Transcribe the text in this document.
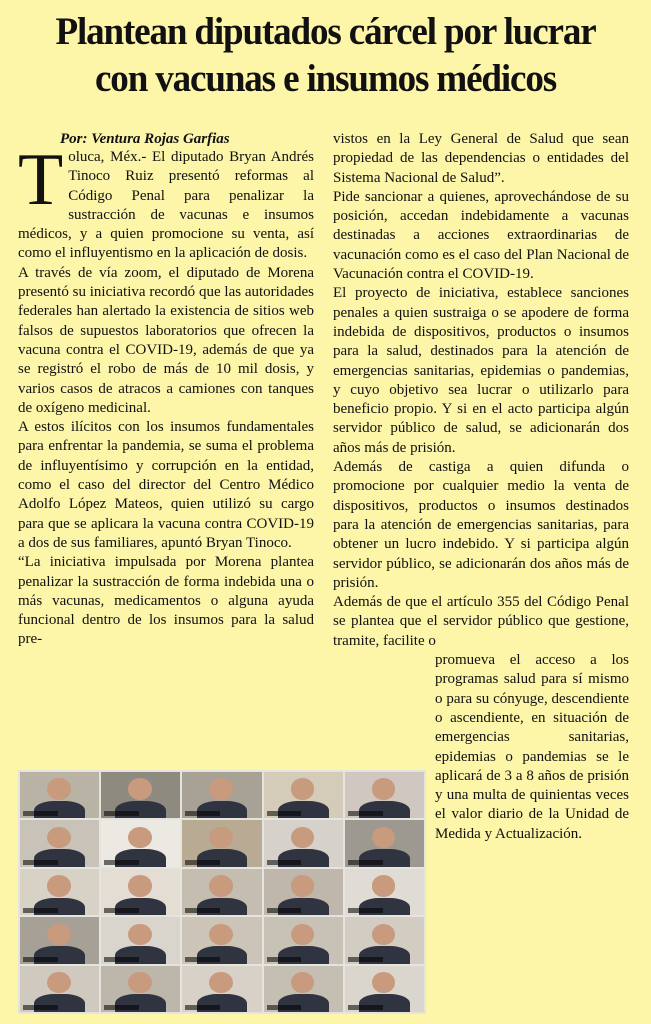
Plantean diputados cárcel por lucrar
con vacunas e insumos médicos

Por: Ventura Rojas Garfias

Toluca, Méx.- El diputado Bryan Andrés Tinoco Ruiz presentó reformas al Código Penal para penalizar la sustracción de vacunas e insumos médicos, y a quien promocione su venta, así como el influyentismo en la aplicación de dosis.

A través de vía zoom, el diputado de Morena presentó su iniciativa recordó que las autoridades federales han alertado la existencia de sitios web falsos de supuestos laboratorios que ofrecen la vacuna contra el COVID-19, además de que ya se registró el robo de más de 10 mil dosis, y varios casos de atracos a camiones con tanques de oxígeno medicinal.

A estos ilícitos con los insumos fundamentales para enfrentar la pandemia, se suma el problema de influyentísimo y corrupción en la entidad, como el caso del director del Centro Médico Adolfo López Mateos, quien utilizó su cargo para que se aplicara la vacuna contra COVID-19 a dos de sus familiares, apuntó Bryan Tinoco.

“La iniciativa impulsada por Morena plantea penalizar la sustracción de forma indebida una o más vacunas, medicamentos o alguna ayuda funcional dentro de los insumos para la salud pre-

vistos en la Ley General de Salud que sean propiedad de las dependencias o entidades del Sistema Nacional de Salud”.

Pide sancionar a quienes, aprovechándose de su posición, accedan indebidamente a vacunas destinadas a acciones extraordinarias de vacunación como es el caso del Plan Nacional de Vacunación contra el COVID-19.

El proyecto de iniciativa, establece sanciones penales a quien sustraiga o se apodere de forma indebida de dispositivos, productos o insumos para la salud, destinados para la atención de emergencias sanitarias, epidemias o pandemias, y cuyo objetivo sea lucrar o utilizarlo para beneficio propio. Y si en el acto participa algún servidor público de salud, se adicionarán dos años más de prisión.

Además de castiga a quien difunda o promocione por cualquier medio la venta de dispositivos, productos o insumos destinados para la atención de emergencias sanitarias, para obtener un lucro indebido. Y si participa algún servidor público, se adicionarán dos años más de prisión.

Además de que el artículo 355 del Código Penal se plantea que el servidor público que gestione, tramite, facilite o

promueva el acceso a los programas salud para sí mismo o para su cónyuge, descendiente o ascendiente, en situación de emergencias sanitarias, epidemias o pandemias se le aplicará de 3 a 8 años de prisión y una multa de quinientas veces el valor diario de la Unidad de Medida y Actualización.
